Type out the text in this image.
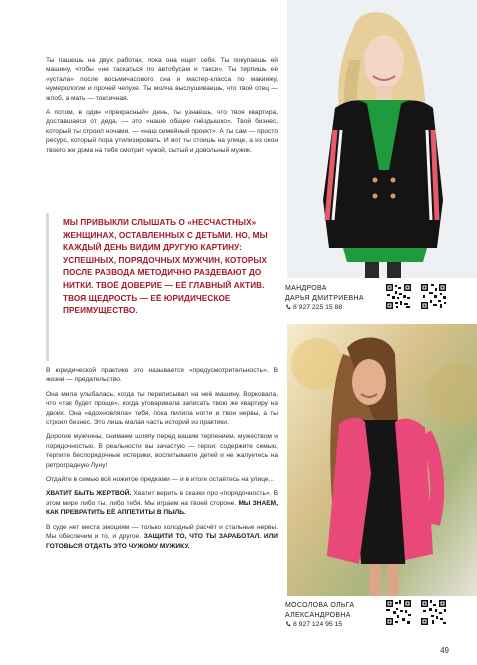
Ты пашешь на двух работах, пока она ищет себя. Ты покупаешь ей машину, чтобы «не таскаться по автобусам и такси». Ты терпишь её «устала» после восьмичасового сна и мастер-класса по макияжу, нумерологии и прочей чепухе. Ты молча выслушиваешь, что твой отец — жлоб, а мать — токсичная.

А потом, в один «прекрасный» день, ты узнаёшь, что твоя квартира, доставшаяся от деда, — это «наше общее гнёздышко». Твой бизнес, который ты строил ночами, — «наш семейный проект». А ты сам — просто ресурс, который пора утилизировать. И вот ты стоишь на улице, а из окон твоего же дома на тебя смотрит чужой, сытый и довольный мужик.

МЫ ПРИВЫКЛИ СЛЫШАТЬ О «НЕСЧАСТНЫХ» ЖЕНЩИНАХ, ОСТАВЛЕННЫХ С ДЕТЬМИ. НО, МЫ КАЖДЫЙ ДЕНЬ ВИДИМ ДРУГУЮ КАРТИНУ: УСПЕШНЫХ, ПОРЯДОЧНЫХ МУЖЧИН, КОТОРЫХ ПОСЛЕ РАЗВОДА МЕТОДИЧНО РАЗДЕВАЮТ ДО НИТКИ. ТВОЁ ДОВЕРИЕ — ЕЁ ГЛАВНЫЙ АКТИВ. ТВОЯ ЩЕДРОСТЬ — ЕЁ ЮРИДИЧЕСКОЕ ПРЕИМУЩЕСТВО.

В юридической практике это называется «предусмотрительность». В жизни — предательство.

Она мила улыбалась, когда ты переписывал на неё машину. Ворковала, что «так будет проще», когда уговаривала записать твою же квартиру на двоих. Она «вдохновляла» тебя, пока пилила ногти и твои нервы, а ты строил бизнес. Это лишь малая часть историй из практики.

Дорогие мужчины, снимаем шляпу перед вашим терпением, мужеством и порядочностью. В реальности вы зачастую — герои: содержите семью, терпите беспорядочные истерики, воспитываете детей и не жалуетесь на ретроградную Луну!

Отдайте в семью всё ножитое предками — и в итоге остаётесь на улице...

ХВАТИТ БЫТЬ ЖЕРТВОЙ. Хватит верить в сказки про «порядочность». В этом мире либо ты, либо тебя. Мы играем на твоей стороне. МЫ ЗНАЕМ, КАК ПРЕВРАТИТЬ ЕЁ АППЕТИТЫ В ПЫЛЬ.

В суде нет места эмоциям — только холодный расчёт и стальные нервы. Мы обеспечим и то, и другое. ЗАЩИТИ ТО, ЧТО ТЫ ЗАРАБОТАЛ. ИЛИ ГОТОВЬСЯ ОТДАТЬ ЭТО ЧУЖОМУ МУЖИКУ.

МАНДРОВА
ДАРЬЯ ДМИТРИЕВНА
8 927 225 15 88
МОСОЛОВА ОЛЬГА
АЛЕКСАНДРОВНА
8 927 124 95 15
49
